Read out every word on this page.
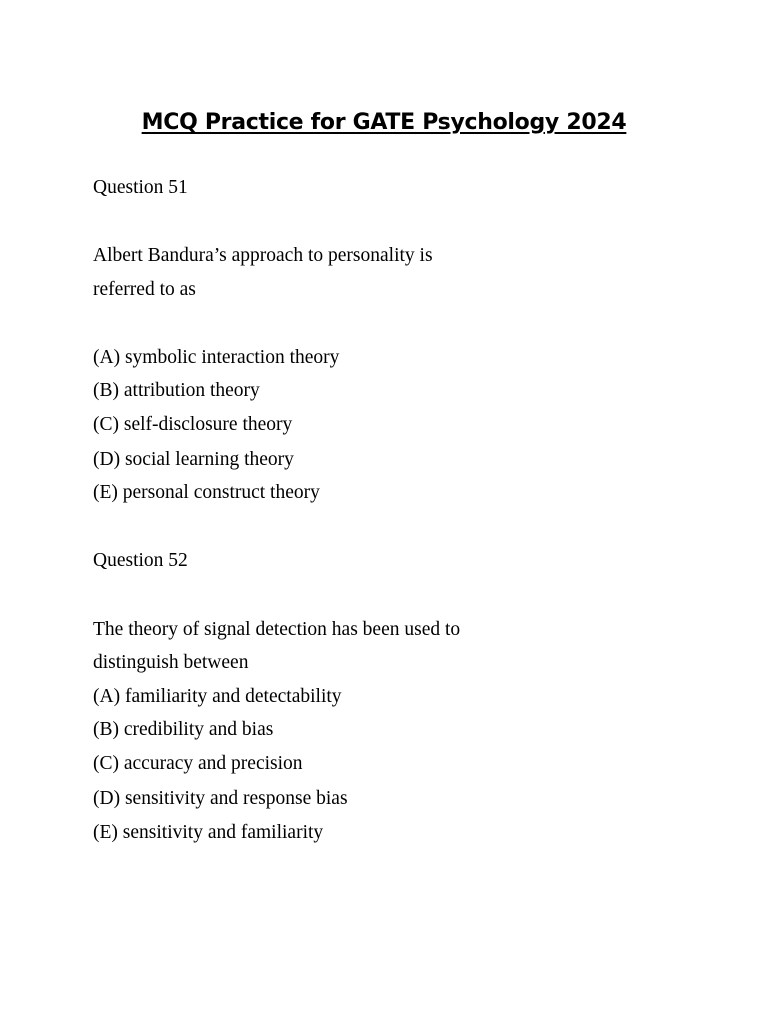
MCQ Practice for GATE Psychology 2024
Question 51
Albert Bandura’s approach to personality is
referred to as
(A) symbolic interaction theory
(B) attribution theory
(C) self-disclosure theory
(D) social learning theory
(E) personal construct theory
Question 52
The theory of signal detection has been used to
distinguish between
(A) familiarity and detectability
(B) credibility and bias
(C) accuracy and precision
(D) sensitivity and response bias
(E) sensitivity and familiarity
